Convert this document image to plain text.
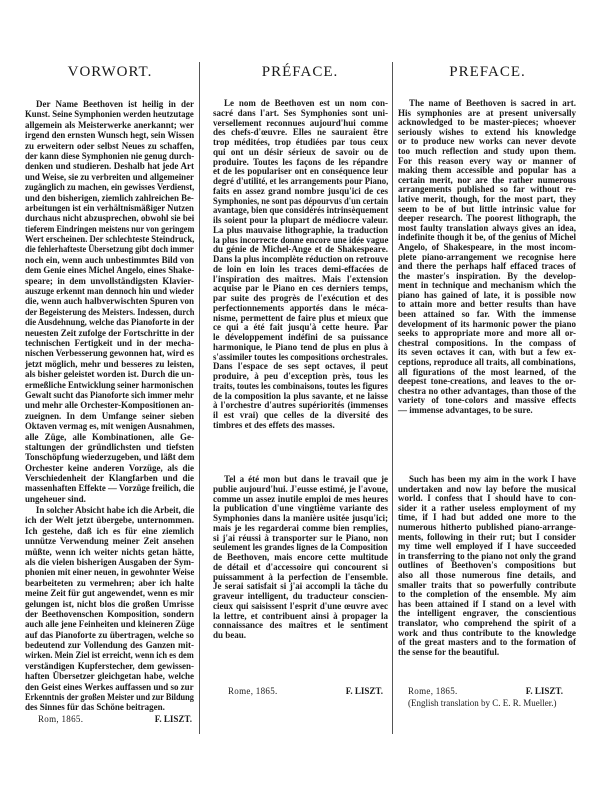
VORWORT.
Der Name Beethoven ist heilig in der
Kunst. Seine Symphonien werden heutzutage
allgemein als Meisterwerke anerkannt; wer
irgend den ernsten Wunsch hegt, sein Wissen
zu erweitern oder selbst Neues zu schaffen,
der kann diese Symphonien nie genug durch-
denken und studieren. Deshalb hat jede Art
und Weise, sie zu verbreiten und allgemeiner
zugänglich zu machen, ein gewisses Verdienst,
und den bisherigen, ziemlich zahlreichen Be-
arbeitungen ist ein verhältnismäßiger Nutzen
durchaus nicht abzusprechen, obwohl sie bei
tieferem Eindringen meistens nur von geringem
Wert erscheinen. Der schlechteste Steindruck,
die fehlerhafteste Übersetzung gibt doch immer
noch ein, wenn auch unbestimmtes Bild von
dem Genie eines Michel Angelo, eines Shake-
speare; in dem unvollständigsten Klavier-
auszuge erkennt man dennoch hin und wieder
die, wenn auch halbverwischten Spuren von
der Begeisterung des Meisters. Indessen, durch
die Ausdehnung, welche das Pianoforte in der
neuesten Zeit zufolge der Fortschritte in der
technischen Fertigkeit und in der mecha-
nischen Verbesserung gewonnen hat, wird es
jetzt möglich, mehr und besseres zu leisten,
als bisher geleistet worden ist. Durch die un-
ermeßliche Entwicklung seiner harmonischen
Gewalt sucht das Pianoforte sich immer mehr
und mehr alle Orchester-Kompositionen an-
zueignen. In dem Umfange seiner sieben
Oktaven vermag es, mit wenigen Ausnahmen,
alle Züge, alle Kombinationen, alle Ge-
staltungen der gründlichsten und tiefsten
Tonschöpfung wiederzugeben, und läßt dem
Orchester keine anderen Vorzüge, als die
Verschiedenheit der Klangfarben und die
massenhaften Effekte — Vorzüge freilich, die
ungeheuer sind.
In solcher Absicht habe ich die Arbeit, die
ich der Welt jetzt übergebe, unternommen.
Ich gestehe, daß ich es für eine ziemlich
unnütze Verwendung meiner Zeit ansehen
müßte, wenn ich weiter nichts getan hätte,
als die vielen bisherigen Ausgaben der Sym-
phonien mit einer neuen, in gewohnter Weise
bearbeiteten zu vermehren; aber ich halte
meine Zeit für gut angewendet, wenn es mir
gelungen ist, nicht blos die großen Umrisse
der Beethovenschen Komposition, sondern
auch alle jene Feinheiten und kleineren Züge
auf das Pianoforte zu übertragen, welche so
bedeutend zur Vollendung des Ganzen mit-
wirken. Mein Ziel ist erreicht, wenn ich es dem
verständigen Kupferstecher, dem gewissen-
haften Übersetzer gleichgetan habe, welche
den Geist eines Werkes auffassen und so zur
Erkenntnis der großen Meister und zur Bildung
des Sinnes für das Schöne beitragen.
Rom, 1865.	F. LISZT.
PRÉFACE.
Le nom de Beethoven est un nom con-
sacré dans l'art. Ses Symphonies sont uni-
versellement reconnues aujourd'hui comme
des chefs-d'œuvre. Elles ne sauraient être
trop méditées, trop étudiées par tous ceux
qui ont un désir sérieux de savoir ou de
produire. Toutes les façons de les répandre
et de les populariser ont en conséquence leur
degré d'utilité, et les arrangements pour Piano,
faits en assez grand nombre jusqu'ici de ces
Symphonies, ne sont pas dépourvus d'un certain
avantage, bien que considérés intrinsèquement
ils soient pour la plupart de médiocre valeur.
La plus mauvaise lithographie, la traduction
la plus incorrecte donne encore une idée vague
du génie de Michel-Ange et de Shakespeare.
Dans la plus incomplète réduction on retrouve
de loin en loin les traces demi-effacées de
l'inspiration des maîtres. Mais l'extension
acquise par le Piano en ces derniers temps,
par suite des progrès de l'exécution et des
perfectionnements apportés dans le méca-
nisme, permettent de faire plus et mieux que
ce qui a été fait jusqu'à cette heure. Par
le développement indéfini de sa puissance
harmonique, le Piano tend de plus en plus à
s'assimiler toutes les compositions orchestrales.
Dans l'espace de ses sept octaves, il peut
produire, à peu d'exception près, tous les
traits, toutes les combinaisons, toutes les figures
de la composition la plus savante, et ne laisse
à l'orchestre d'autres supériorités (immenses
il est vrai) que celles de la diversité des
timbres et des effets des masses.
Tel a été mon but dans le travail que je
publie aujourd'hui. J'eusse estimé, je l'avoue,
comme un assez inutile emploi de mes heures
la publication d'une vingtième variante des
Symphonies dans la manière usitée jusqu'ici;
mais je les regarderai comme bien remplies,
si j'ai réussi à transporter sur le Piano, non
seulement les grandes lignes de la Composition
de Beethoven, mais encore cette multitude
de détail et d'accessoire qui concourent si
puissamment à la perfection de l'ensemble.
Je serai satisfait si j'ai accompli la tâche du
graveur intelligent, du traducteur conscien-
cieux qui saisissent l'esprit d'une œuvre avec
la lettre, et contribuent ainsi à propager la
connaissance des maîtres et le sentiment
du beau.
Rome, 1865.	F. LISZT.
PREFACE.
The name of Beethoven is sacred in art.
His symphonies are at present universally
acknowledged to be master-pieces; whoever
seriously wishes to extend his knowledge
or to produce new works can never devote
too much reflection and study upon them.
For this reason every way or manner of
making them accessible and popular has a
certain merit, nor are the rather numerous
arrangements published so far without re-
lative merit, though, for the most part, they
seem to be of but little intrinsic value for
deeper research. The poorest lithograph, the
most faulty translation always gives an idea,
indefinite though it be, of the genius of Michel
Angelo, of Shakespeare, in the most incom-
plete piano-arrangement we recognise here
and there the perhaps half effaced traces of
the master's inspiration. By the develop-
ment in technique and mechanism which the
piano has gained of late, it is possible now
to attain more and better results than have
been attained so far. With the immense
development of its harmonic power the piano
seeks to appropriate more and more all or-
chestral compositions. In the compass of
its seven octaves it can, with but a few ex-
ceptions, reproduce all traits, all combinations,
all figurations of the most learned, of the
deepest tone-creations, and leaves to the or-
chestra no other advantages, than those of the
variety of tone-colors and massive effects
— immense advantages, to be sure.
Such has been my aim in the work I have
undertaken and now lay before the musical
world. I confess that I should have to con-
sider it a rather useless employment of my
time, if I had but added one more to the
numerous hitherto published piano-arrange-
ments, following in their rut; but I consider
my time well employed if I have succeeded
in transferring to the piano not only the grand
outlines of Beethoven's compositions but
also all those numerous fine details, and
smaller traits that so powerfully contribute
to the completion of the ensemble. My aim
has been attained if I stand on a level with
the intelligent engraver, the conscientious
translator, who comprehend the spirit of a
work and thus contribute to the knowledge
of the great masters and to the formation of
the sense for the beautiful.
Rome, 1865.	F. LISZT.
(English translation by C. E. R. Mueller.)
